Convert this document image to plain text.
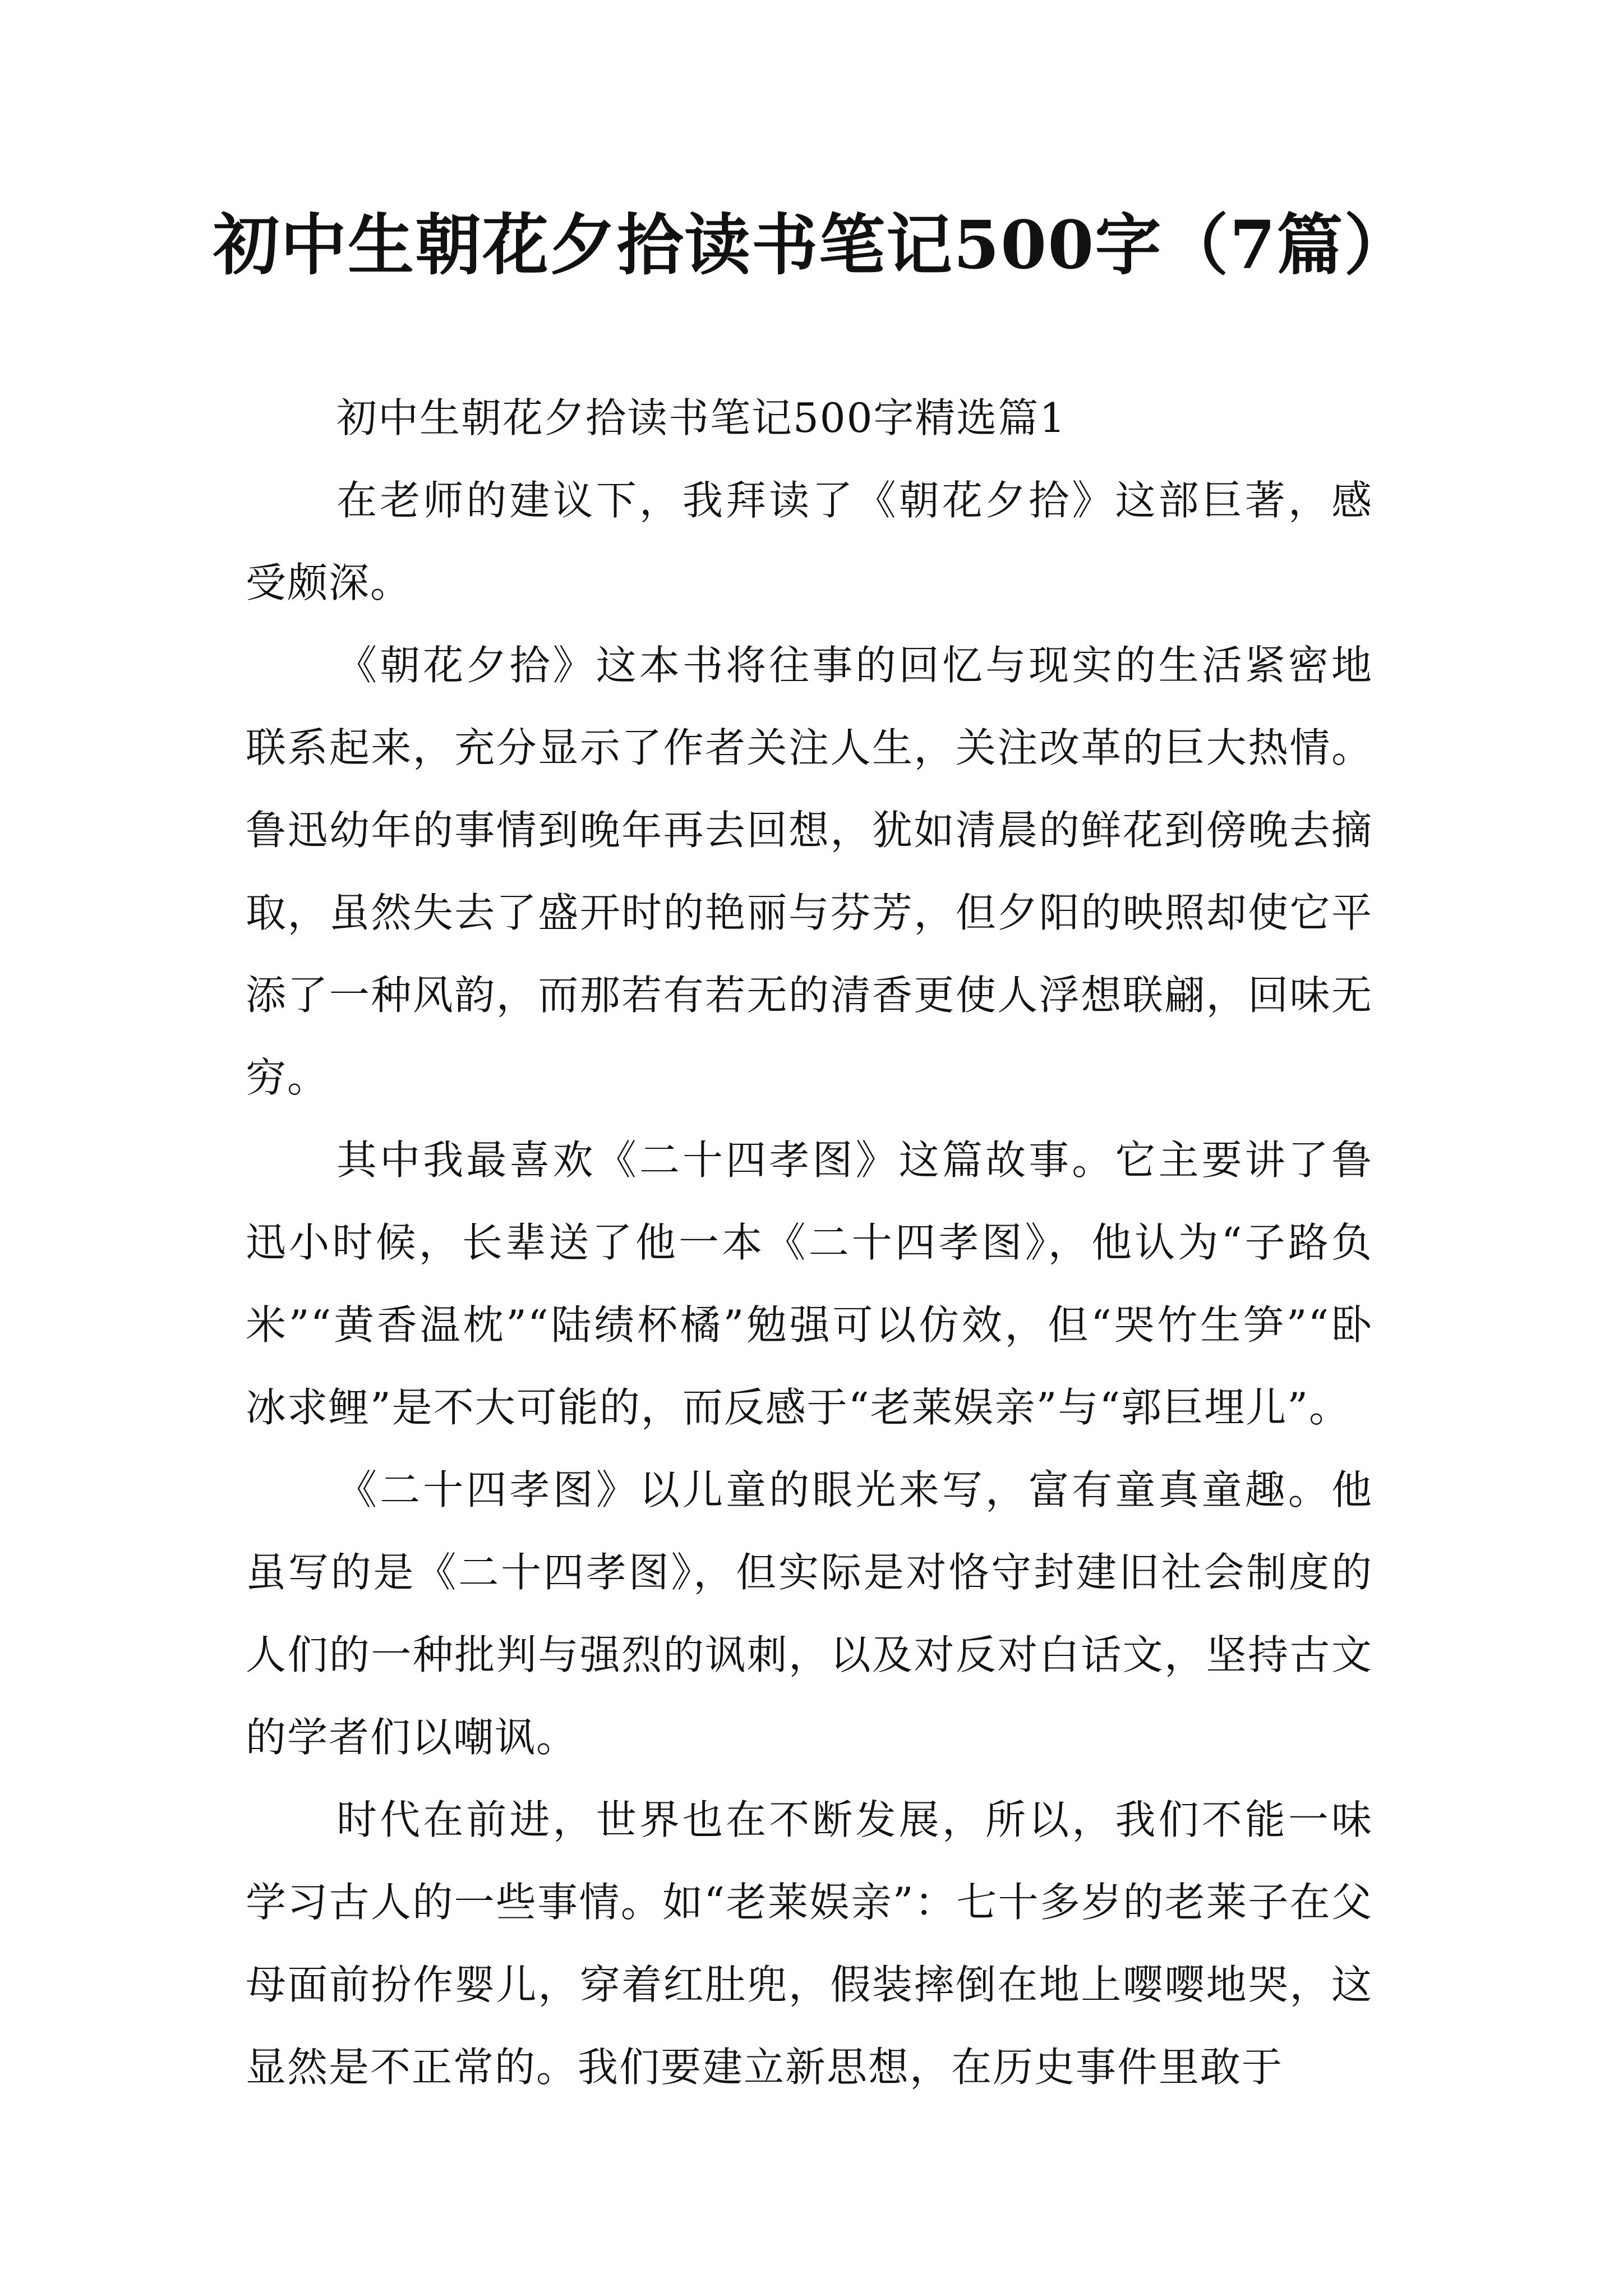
初中生朝花夕拾读书笔记500字（7篇）

初中生朝花夕拾读书笔记500字精选篇1

在老师的建议下，我拜读了《朝花夕拾》这部巨著，感受颇深。

《朝花夕拾》这本书将往事的回忆与现实的生活紧密地联系起来，充分显示了作者关注人生，关注改革的巨大热情。鲁迅幼年的事情到晚年再去回想，犹如清晨的鲜花到傍晚去摘取，虽然失去了盛开时的艳丽与芬芳，但夕阳的映照却使它平添了一种风韵，而那若有若无的清香更使人浮想联翩，回味无穷。

其中我最喜欢《二十四孝图》这篇故事。它主要讲了鲁迅小时候，长辈送了他一本《二十四孝图》，他认为“子路负米”“黄香温枕”“陆绩杯橘”勉强可以仿效，但“哭竹生笋”“卧冰求鲤”是不大可能的，而反感于“老莱娱亲”与“郭巨埋儿”。

《二十四孝图》以儿童的眼光来写，富有童真童趣。他虽写的是《二十四孝图》，但实际是对恪守封建旧社会制度的人们的一种批判与强烈的讽刺，以及对反对白话文，坚持古文的学者们以嘲讽。

时代在前进，世界也在不断发展，所以，我们不能一味学习古人的一些事情。如“老莱娱亲”：七十多岁的老莱子在父母面前扮作婴儿，穿着红肚兜，假装摔倒在地上嘤嘤地哭，这显然是不正常的。我们要建立新思想，在历史事件里敢于
